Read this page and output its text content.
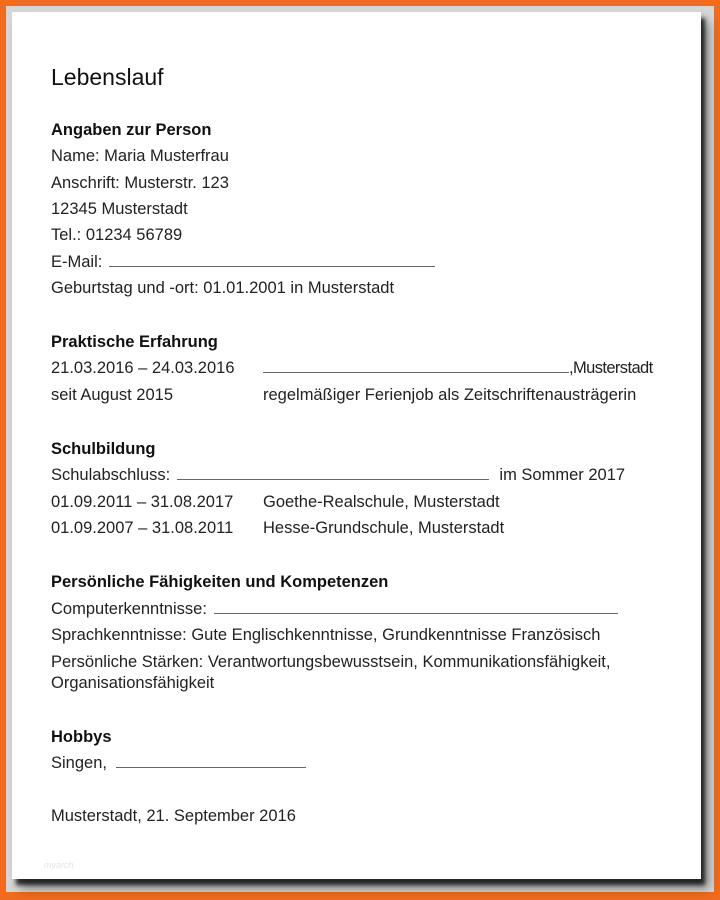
Lebenslauf
Angaben zur Person
Name: Maria Musterfrau
Anschrift: Musterstr. 123
12345 Musterstadt
Tel.: 01234 56789
E-Mail:
Geburtstag und -ort: 01.01.2001 in Musterstadt
Praktische Erfahrung
21.03.2016 – 24.03.2016	,Musterstadt
seit August 2015	regelmäßiger Ferienjob als Zeitschriftenausträgerin
Schulbildung
Schulabschluss:	im Sommer 2017
01.09.2011 – 31.08.2017 Goethe-Realschule, Musterstadt
01.09.2007 – 31.08.2011 Hesse-Grundschule, Musterstadt
Persönliche Fähigkeiten und Kompetenzen
Computerkenntnisse:
Sprachkenntnisse: Gute Englischkenntnisse, Grundkenntnisse Französisch
Persönliche Stärken: Verantwortungsbewusstsein, Kommunikationsfähigkeit,
Organisationsfähigkeit
Hobbys
Singen,
Musterstadt, 21. September 2016
myarch
